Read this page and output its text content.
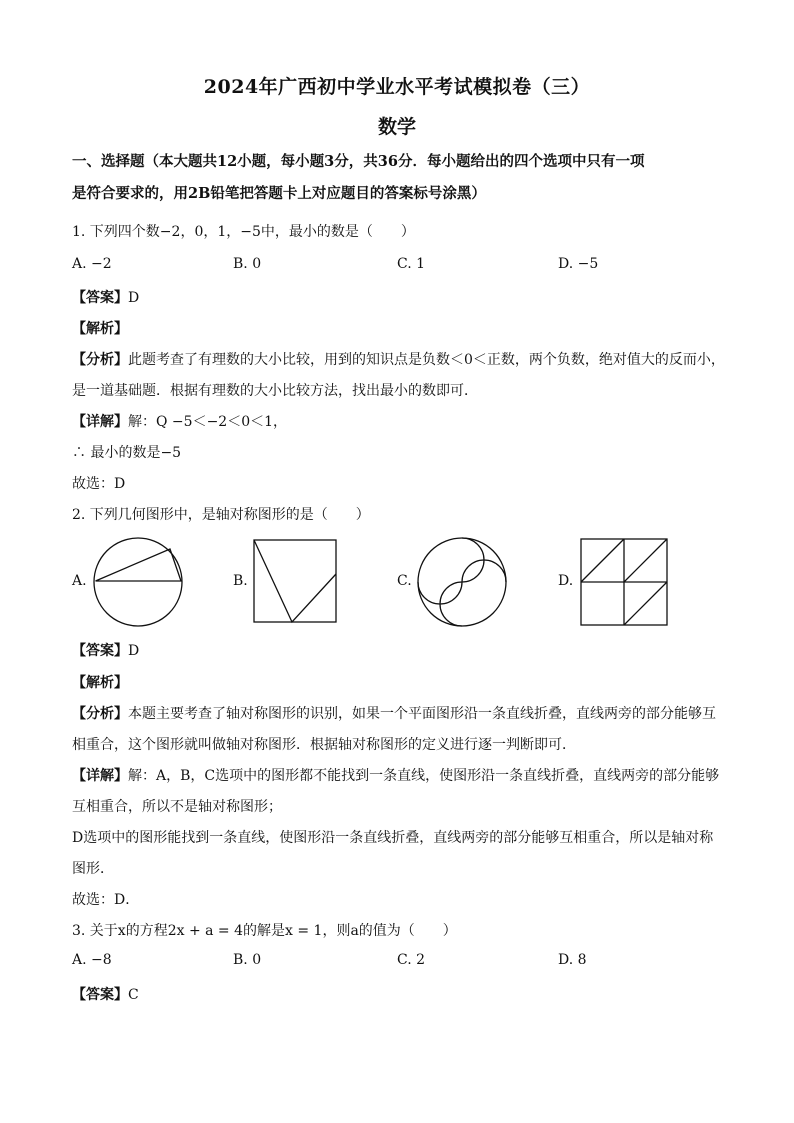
2024年广西初中学业水平考试模拟卷（三）
数学
一、选择题（本大题共12小题，每小题3分，共36分．每小题给出的四个选项中只有一项
是符合要求的，用2B铅笔把答题卡上对应题目的答案标号涂黑）
1. 下列四个数−2，0，1，−5中，最小的数是（　　）
A. −2	B. 0	C. 1	D. −5
【答案】D
【解析】
【分析】此题考查了有理数的大小比较，用到的知识点是负数＜0＜正数，两个负数，绝对值大的反而小，
是一道基础题．根据有理数的大小比较方法，找出最小的数即可．
【详解】解：Q −5＜−2＜0＜1，
∴ 最小的数是−5
故选：D
2. 下列几何图形中，是轴对称图形的是（　　）
A.	B.	C.	D.
【答案】D
【解析】
【分析】本题主要考查了轴对称图形的识别，如果一个平面图形沿一条直线折叠，直线两旁的部分能够互
相重合，这个图形就叫做轴对称图形．根据轴对称图形的定义进行逐一判断即可．
【详解】解：A，B，C选项中的图形都不能找到一条直线，使图形沿一条直线折叠，直线两旁的部分能够
互相重合，所以不是轴对称图形；
D选项中的图形能找到一条直线，使图形沿一条直线折叠，直线两旁的部分能够互相重合，所以是轴对称
图形．
故选：D．
3. 关于x的方程2x + a = 4的解是x = 1，则a的值为（　　）
A. −8	B. 0	C. 2	D. 8
【答案】C
